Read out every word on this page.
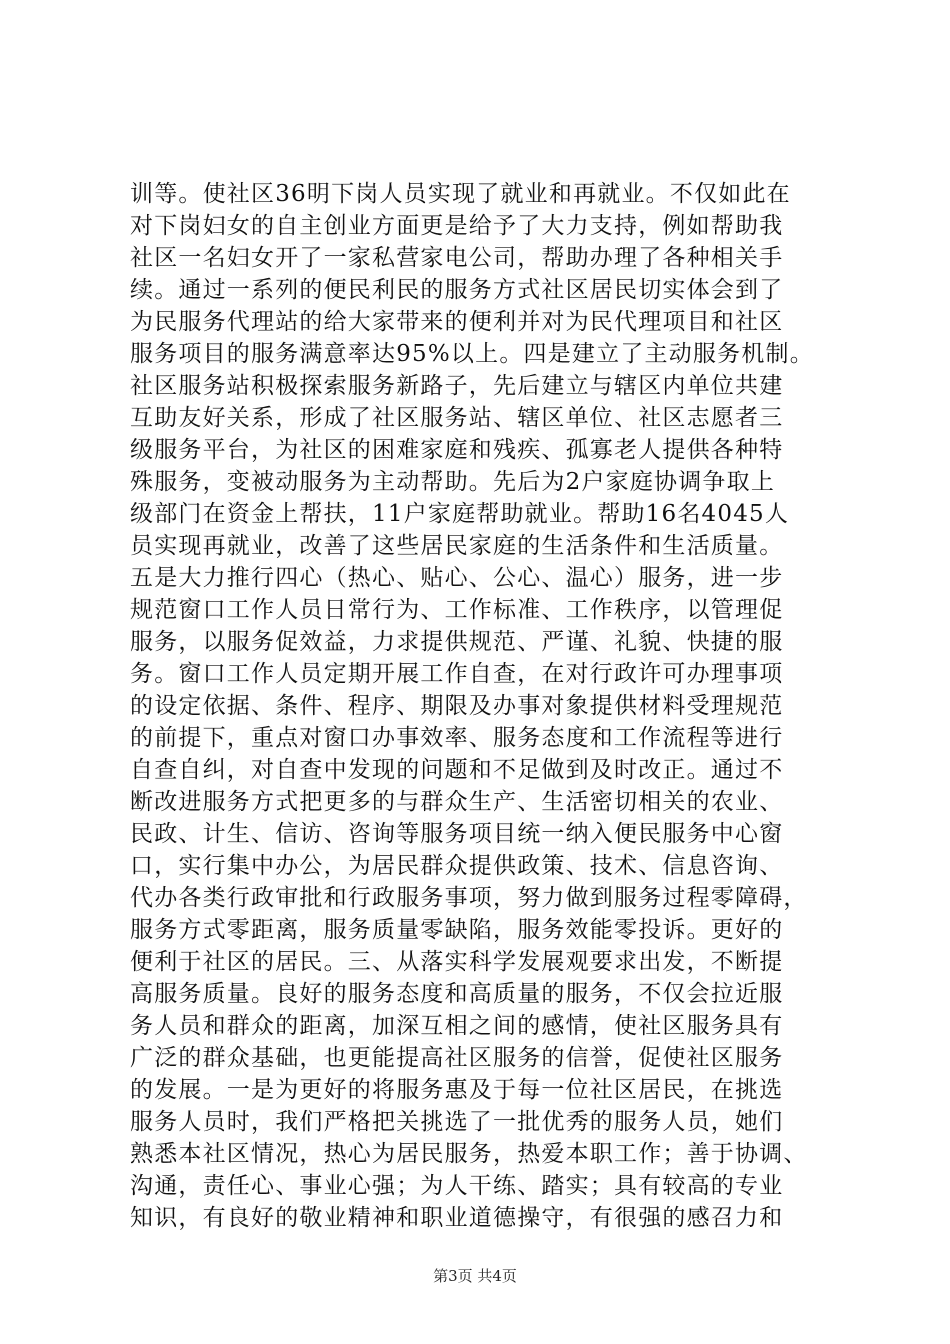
训等。使社区36明下岗人员实现了就业和再就业。不仅如此在
对下岗妇女的自主创业方面更是给予了大力支持，例如帮助我
社区一名妇女开了一家私营家电公司，帮助办理了各种相关手
续。通过一系列的便民利民的服务方式社区居民切实体会到了
为民服务代理站的给大家带来的便利并对为民代理项目和社区
服务项目的服务满意率达95%以上。四是建立了主动服务机制。
社区服务站积极探索服务新路子，先后建立与辖区内单位共建
互助友好关系，形成了社区服务站、辖区单位、社区志愿者三
级服务平台，为社区的困难家庭和残疾、孤寡老人提供各种特
殊服务，变被动服务为主动帮助。先后为2户家庭协调争取上
级部门在资金上帮扶，11户家庭帮助就业。帮助16名4045人
员实现再就业，改善了这些居民家庭的生活条件和生活质量。
五是大力推行四心（热心、贴心、公心、温心）服务，进一步
规范窗口工作人员日常行为、工作标准、工作秩序，以管理促
服务，以服务促效益，力求提供规范、严谨、礼貌、快捷的服
务。窗口工作人员定期开展工作自查，在对行政许可办理事项
的设定依据、条件、程序、期限及办事对象提供材料受理规范
的前提下，重点对窗口办事效率、服务态度和工作流程等进行
自查自纠，对自查中发现的问题和不足做到及时改正。通过不
断改进服务方式把更多的与群众生产、生活密切相关的农业、
民政、计生、信访、咨询等服务项目统一纳入便民服务中心窗
口，实行集中办公，为居民群众提供政策、技术、信息咨询、
代办各类行政审批和行政服务事项，努力做到服务过程零障碍，
服务方式零距离，服务质量零缺陷，服务效能零投诉。更好的
便利于社区的居民。三、从落实科学发展观要求出发，不断提
高服务质量。良好的服务态度和高质量的服务，不仅会拉近服
务人员和群众的距离，加深互相之间的感情，使社区服务具有
广泛的群众基础，也更能提高社区服务的信誉，促使社区服务
的发展。一是为更好的将服务惠及于每一位社区居民，在挑选
服务人员时，我们严格把关挑选了一批优秀的服务人员，她们
熟悉本社区情况，热心为居民服务，热爱本职工作；善于协调、
沟通，责任心、事业心强；为人干练、踏实；具有较高的专业
知识，有良好的敬业精神和职业道德操守，有很强的感召力和
第3页 共4页
